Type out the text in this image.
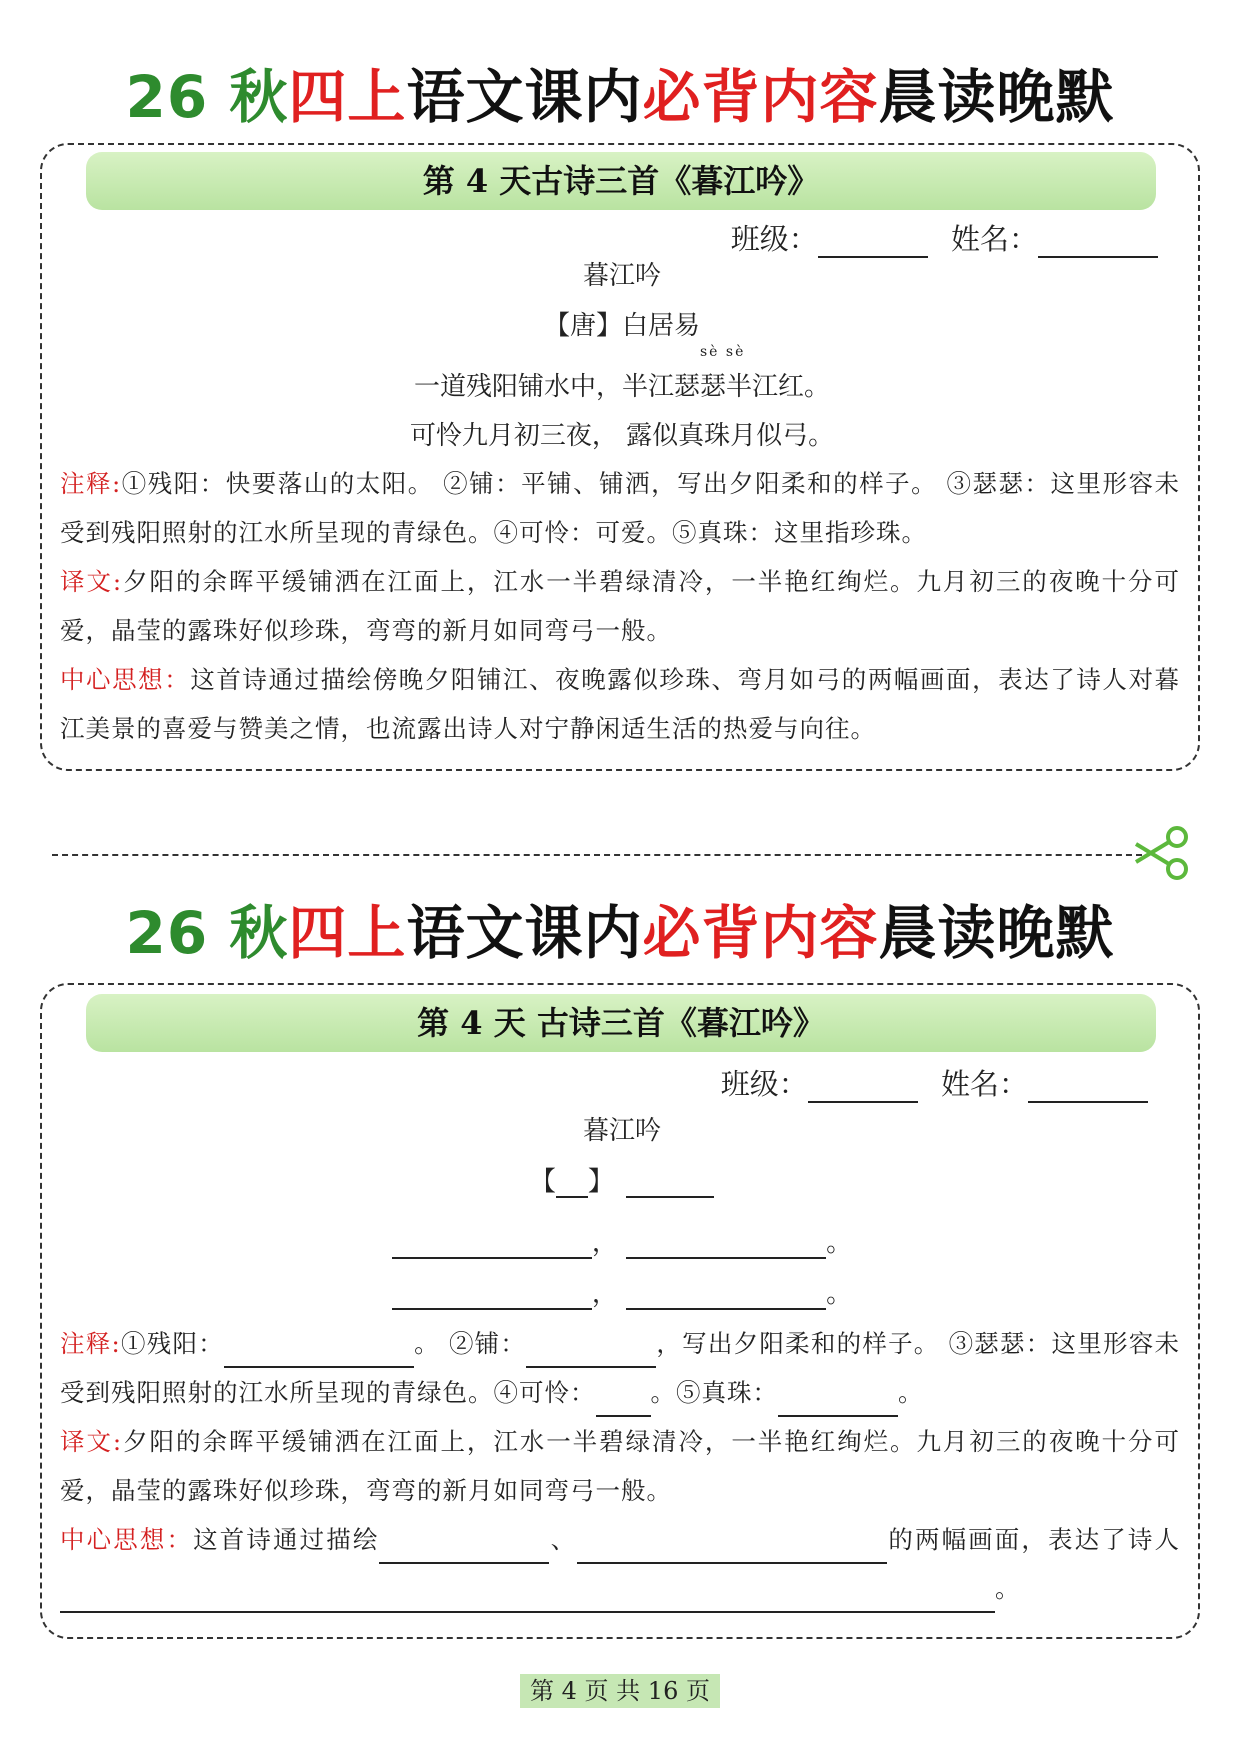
26 秋四上语文课内必背内容晨读晚默
第 4 天古诗三首《暮江吟》
班级：	姓名：
暮江吟
【唐】白居易
sè sè
一道残阳铺水中，半江瑟瑟半江红。
可怜九月初三夜， 露似真珠月似弓。
注释:①残阳：快要落山的太阳。 ②铺：平铺、铺洒，写出夕阳柔和的样子。 ③瑟瑟：这里形容未受到残阳照射的江水所呈现的青绿色。④可怜：可爱。⑤真珠：这里指珍珠。
译文:夕阳的余晖平缓铺洒在江面上，江水一半碧绿清冷，一半艳红绚烂。九月初三的夜晚十分可爱，晶莹的露珠好似珍珠，弯弯的新月如同弯弓一般。
中心思想：这首诗通过描绘傍晚夕阳铺江、夜晚露似珍珠、弯月如弓的两幅画面，表达了诗人对暮江美景的喜爱与赞美之情，也流露出诗人对宁静闲适生活的热爱与向往。
26 秋四上语文课内必背内容晨读晚默
第 4 天 古诗三首《暮江吟》
班级：	姓名：
暮江吟
【 】
，	。
，	。
注释:①残阳：	。 ②铺：	，写出夕阳柔和的样子。 ③瑟瑟：这里形容未受到残阳照射的江水所呈现的青绿色。④可怜： 。⑤真珠：	。
译文:夕阳的余晖平缓铺洒在江面上，江水一半碧绿清冷，一半艳红绚烂。九月初三的夜晚十分可爱，晶莹的露珠好似珍珠，弯弯的新月如同弯弓一般。
中心思想：这首诗通过描绘	、	的两幅画面，表达了诗人。
第 4 页 共 16 页
